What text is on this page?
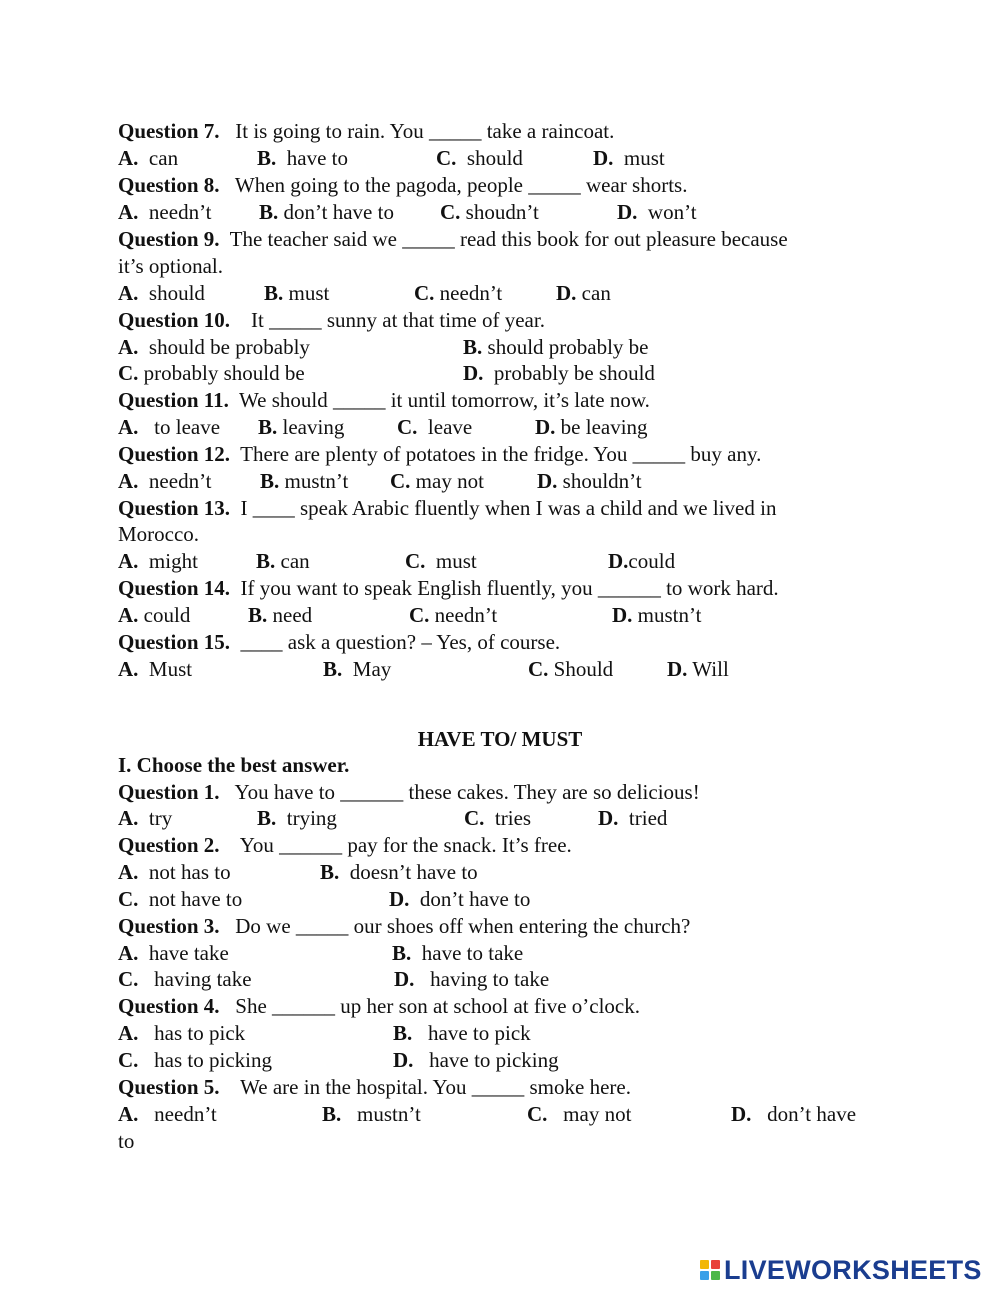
Question 7. It is going to rain. You _____ take a raincoat.
A. can	B. have to	C. should	D. must
Question 8. When going to the pagoda, people _____ wear shorts.
A. needn’t B. don’t have to C. shoudn’t	D. won’t
Question 9. The teacher said we _____ read this book for out pleasure because
it’s optional.
A. should	B. must	C. needn’t	D. can
Question 10. It _____ sunny at that time of year.
A. should be probably	B. should probably be
C. probably should be	D. probably be should
Question 11. We should _____ it until tomorrow, it’s late now.
A. to leave B. leaving	C. leave	D. be leaving
Question 12. There are plenty of potatoes in the fridge. You _____ buy any.
A. needn’t B. mustn’t C. may not	D. shouldn’t
Question 13. I ____ speak Arabic fluently when I was a child and we lived in
Morocco.
A. might	B. can	C. must	D.could
Question 14. If you want to speak English fluently, you ______ to work hard.
A. could	B. need	C. needn’t	D. mustn’t
Question 15. ____ ask a question? – Yes, of course.
A. Must	B. May	C. Should	D. Will
HAVE TO/ MUST
I. Choose the best answer.
Question 1. You have to ______ these cakes. They are so delicious!
A. try	B. trying	C. tries	D. tried
Question 2. You ______ pay for the snack. It’s free.
A. not has to	B. doesn’t have to
C. not have to	D. don’t have to
Question 3. Do we _____ our shoes off when entering the church?
A. have take	B. have to take
C. having take	D. having to take
Question 4. She ______ up her son at school at five o’clock.
A. has to pick	B. have to pick
C. has to picking	D. have to picking
Question 5. We are in the hospital. You _____ smoke here.
A. needn’t	B. mustn’t	C. may not	D. don’t have
to
LIVEWORKSHEETS
